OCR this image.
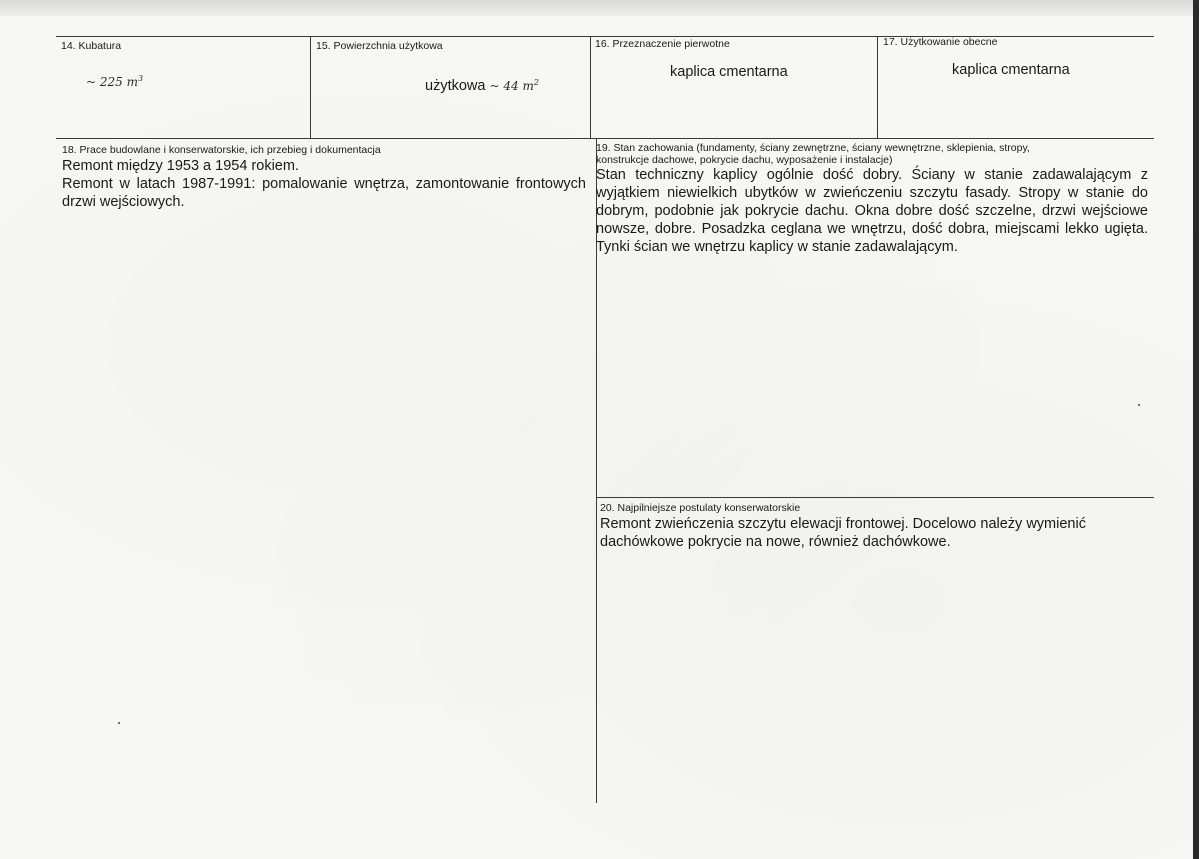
14. Kubatura
~ 225 $m^3$
15. Powierzchnia użytkowa
użytkowa ~ 44 $m^2$
16. Przeznaczenie pierwotne
kaplica cmentarna
17. Użytkowanie obecne
kaplica cmentarna
18. Prace budowlane i konserwatorskie, ich przebieg i dokumentacja

Remont między 1953 a 1954 rokiem.

Remont w latach 1987-1991: pomalowanie wnętrza, zamontowanie frontowych drzwi wejściowych.

19. Stan zachowania (fundamenty, ściany zewnętrzne, ściany wewnętrzne, sklepienia, stropy,
konstrukcje dachowe, pokrycie dachu, wyposażenie i instalacje)
Stan techniczny kaplicy ogólnie dość dobry. Ściany w stanie zadawalającym z wyjątkiem niewielkich ubytków w zwieńczeniu szczytu fasady. Stropy w stanie do dobrym, podobnie jak pokrycie dachu. Okna dobre dość szczelne, drzwi wejściowe nowsze, dobre. Posadzka ceglana we wnętrzu, dość dobra, miejscami lekko ugięta. Tynki ścian we wnętrzu kaplicy w stanie zadawalającym.
20. Najpilniejsze postulaty konserwatorskie
Remont zwieńczenia szczytu elewacji frontowej. Docelowo należy wymienić dachówkowe pokrycie na nowe, również dachówkowe.
